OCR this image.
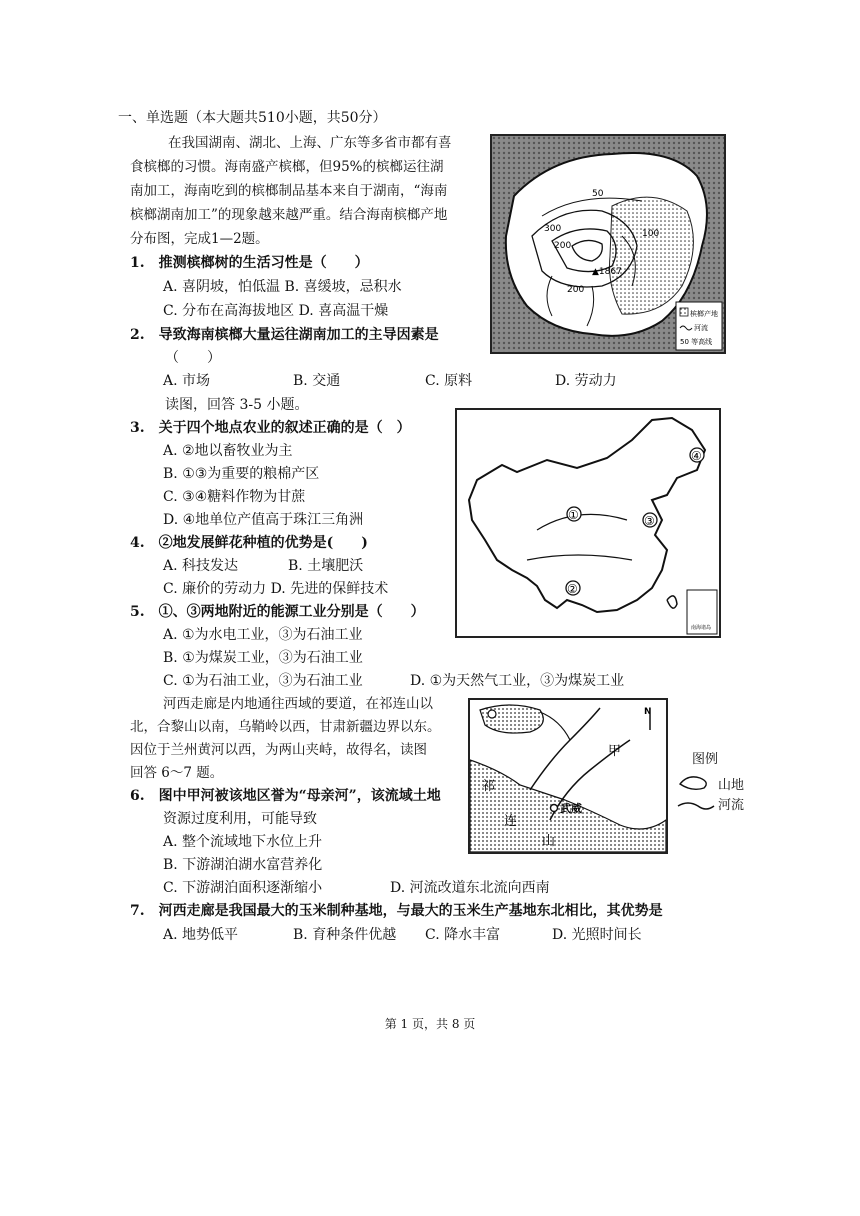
一、单选题（本大题共510小题，共50分）
在我国湖南、湖北、上海、广东等多省市都有喜
食槟榔的习惯。海南盛产槟榔，但95%的槟榔运往湖
南加工，海南吃到的槟榔制品基本来自于湖南，“海南
槟榔湖南加工”的现象越来越严重。结合海南槟榔产地
分布图，完成1—2题。
50
300
200
200
100
▲1867
槟榔产地
河流
50 等高线
1.　推测槟榔树的生活习性是（　　）
A. 喜阴坡，怕低温 B. 喜缓坡，忌积水
C. 分布在高海拔地区 D. 喜高温干燥
2.　导致海南槟榔大量运往湖南加工的主导因素是
（　　）
A. 市场	B. 交通	C. 原料	D. 劳动力
读图，回答 3-5 小题。
南海诸岛
①
②
③
④
3.　关于四个地点农业的叙述正确的是（　）
A. ②地以畜牧业为主
B. ①③为重要的粮棉产区
C. ③④糖料作物为甘蔗
D. ④地单位产值高于珠江三角洲
4.　②地发展鲜花种植的优势是(　　)
A. 科技发达	B. 土壤肥沃
C. 廉价的劳动力 D. 先进的保鲜技术
5.　①、③两地附近的能源工业分别是（　　）
A. ①为水电工业，③为石油工业
B. ①为煤炭工业，③为石油工业
C. ①为石油工业，③为石油工业	D. ①为天然气工业，③为煤炭工业
河西走廊是内地通往西域的要道，在祁连山以
北，合黎山以南，乌鞘岭以西，甘肃新疆边界以东。
因位于兰州黄河以西，为两山夹峙，故得名，读图
回答 6～7 题。
N
甲
祁
连
山
武威
图例
山地
河流
6.　图中甲河被该地区誉为“母亲河”，该流域土地
资源过度利用，可能导致
A. 整个流域地下水位上升
B. 下游湖泊湖水富营养化
C. 下游湖泊面积逐渐缩小	D. 河流改道东北流向西南
7.　河西走廊是我国最大的玉米制种基地，与最大的玉米生产基地东北相比，其优势是
A. 地势低平	B. 育种条件优越 C. 降水丰富	D. 光照时间长
第 1 页，共 8 页
